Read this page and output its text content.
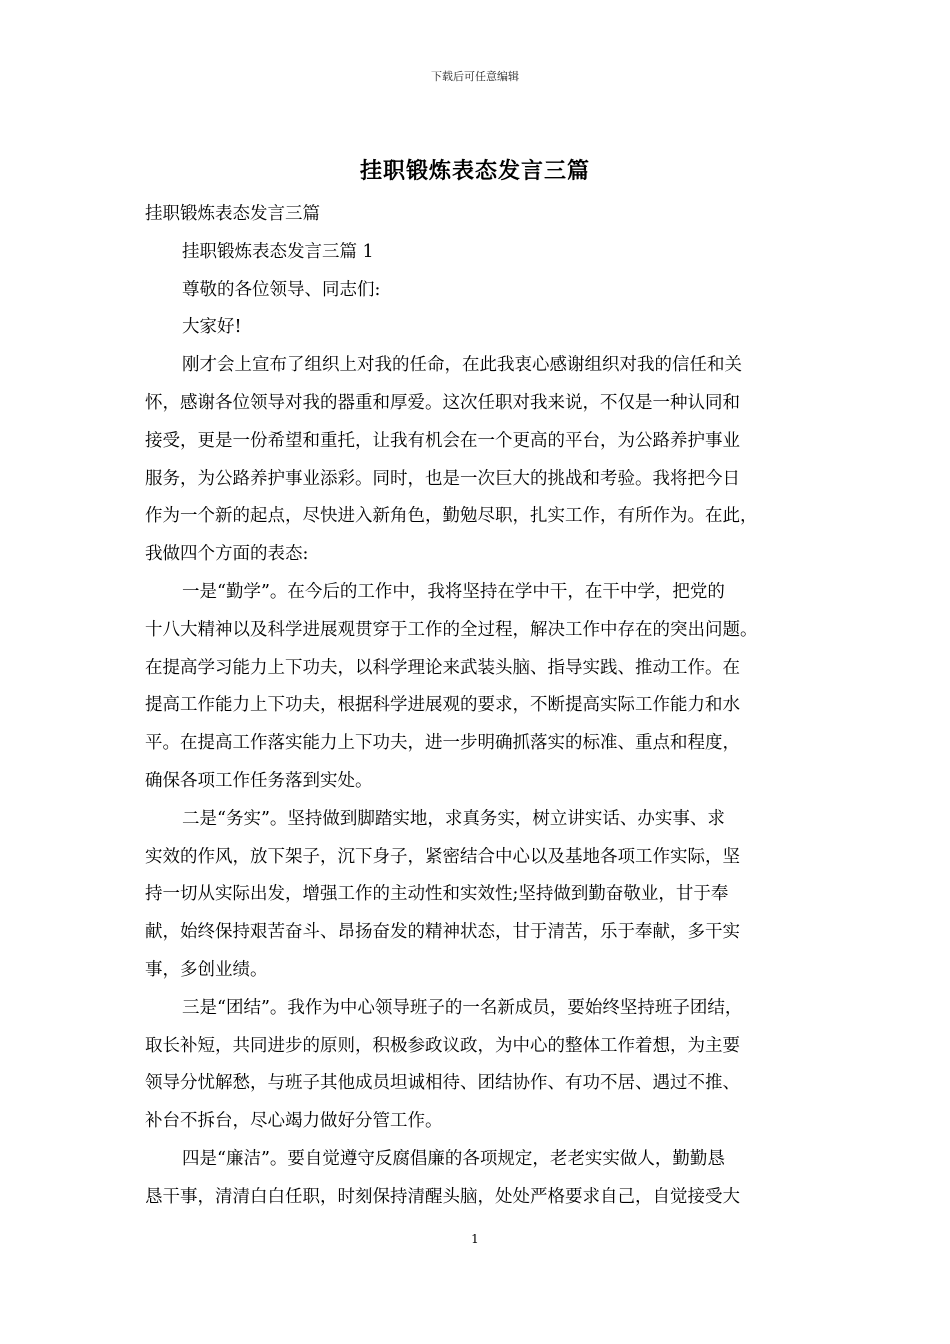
下载后可任意编辑
挂职锻炼表态发言三篇
挂职锻炼表态发言三篇
挂职锻炼表态发言三篇 1
尊敬的各位领导、同志们:
大家好!
刚才会上宣布了组织上对我的任命，在此我衷心感谢组织对我的信任和关
怀，感谢各位领导对我的器重和厚爱。这次任职对我来说，不仅是一种认同和
接受，更是一份希望和重托，让我有机会在一个更高的平台，为公路养护事业
服务，为公路养护事业添彩。同时，也是一次巨大的挑战和考验。我将把今日
作为一个新的起点，尽快进入新角色，勤勉尽职，扎实工作，有所作为。在此，
我做四个方面的表态:
一是“勤学”。在今后的工作中，我将坚持在学中干，在干中学，把党的
十八大精神以及科学进展观贯穿于工作的全过程，解决工作中存在的突出问题。
在提高学习能力上下功夫，以科学理论来武装头脑、指导实践、推动工作。在
提高工作能力上下功夫，根据科学进展观的要求，不断提高实际工作能力和水
平。在提高工作落实能力上下功夫，进一步明确抓落实的标准、重点和程度，
确保各项工作任务落到实处。
二是“务实”。坚持做到脚踏实地，求真务实，树立讲实话、办实事、求
实效的作风，放下架子，沉下身子，紧密结合中心以及基地各项工作实际，坚
持一切从实际出发，增强工作的主动性和实效性;坚持做到勤奋敬业，甘于奉
献，始终保持艰苦奋斗、昂扬奋发的精神状态，甘于清苦，乐于奉献，多干实
事，多创业绩。
三是“团结”。我作为中心领导班子的一名新成员，要始终坚持班子团结，
取长补短，共同进步的原则，积极参政议政，为中心的整体工作着想，为主要
领导分忧解愁，与班子其他成员坦诚相待、团结协作、有功不居、遇过不推、
补台不拆台，尽心竭力做好分管工作。
四是“廉洁”。要自觉遵守反腐倡廉的各项规定，老老实实做人，勤勤恳
恳干事，清清白白任职，时刻保持清醒头脑，处处严格要求自己，自觉接受大
1
